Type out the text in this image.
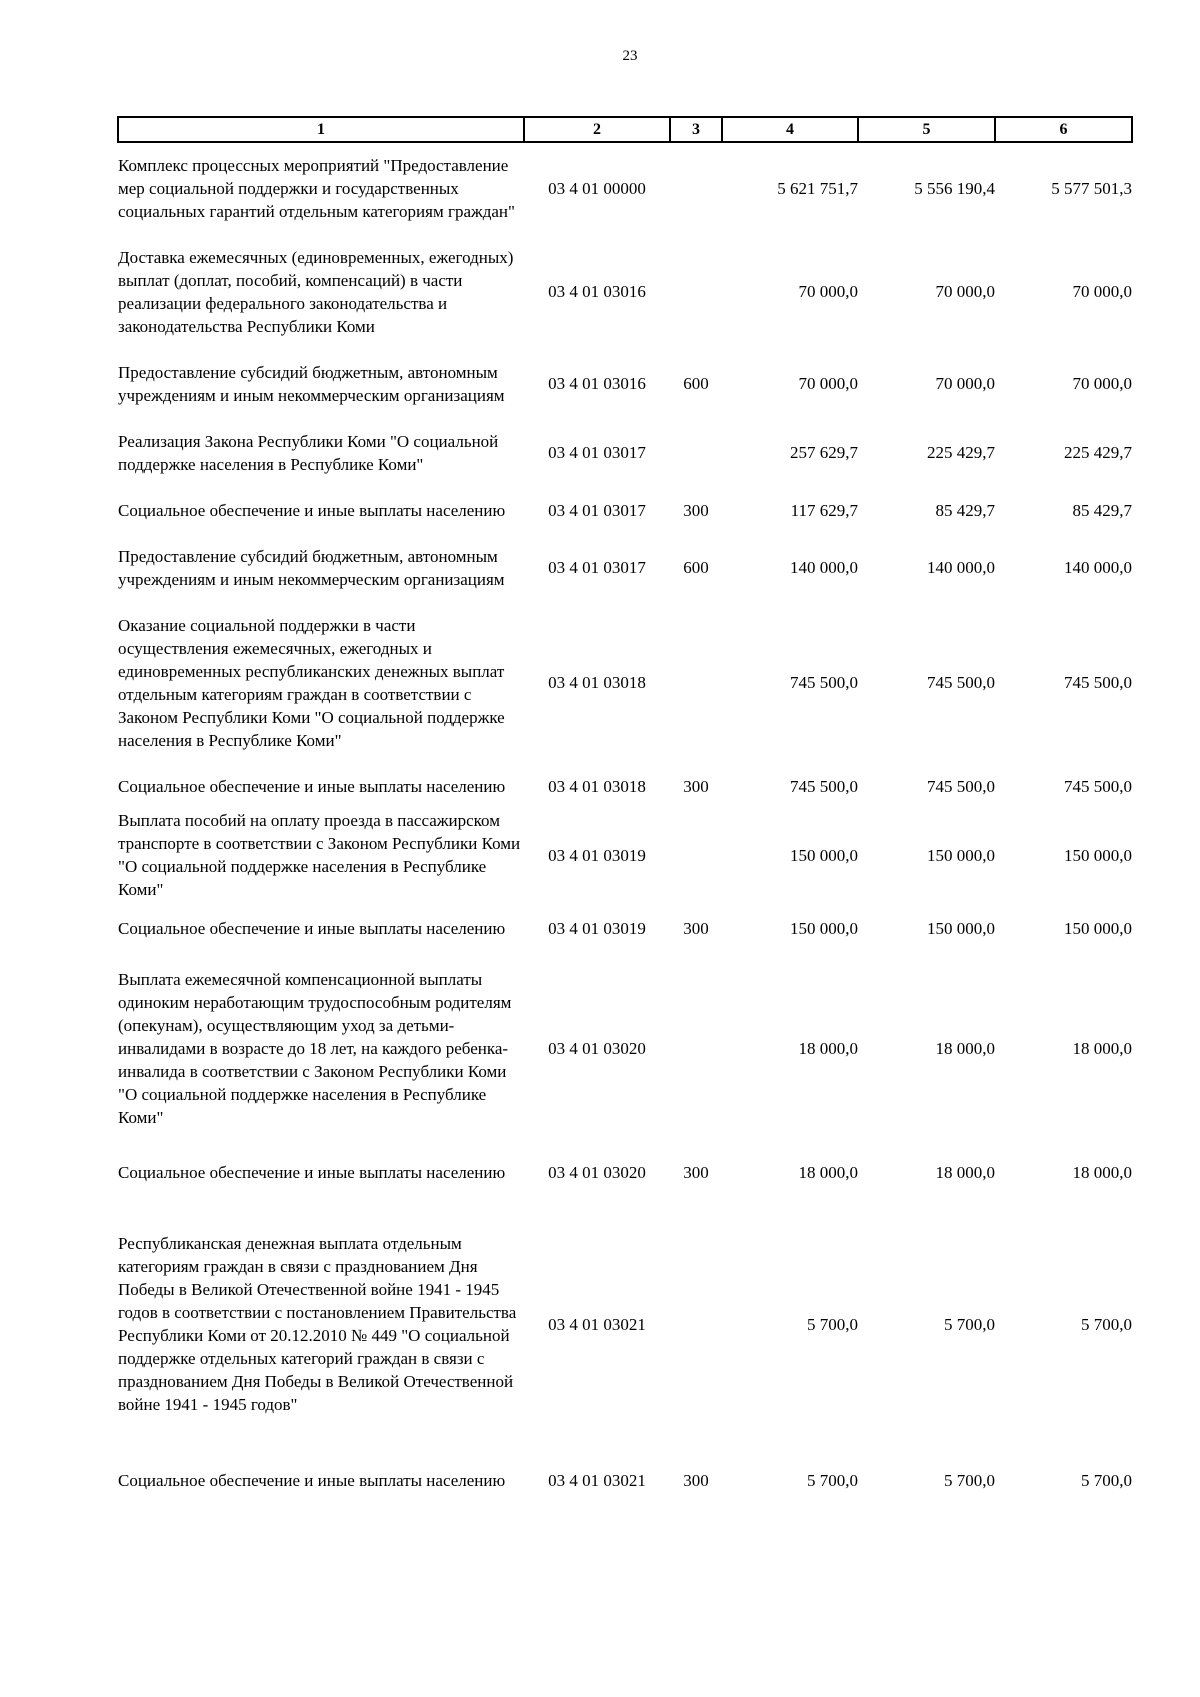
23
1	2	3	4	5	6
Комплекс процессных мероприятий "Предоставление мер социальной поддержки и государственных социальных гарантий отдельным категориям граждан"	03 4 01 00000		5 621 751,7	5 556 190,4	5 577 501,3
Доставка ежемесячных (единовременных, ежегодных) выплат (доплат, пособий, компенсаций) в части реализации федерального законодательства и законодательства Республики Коми	03 4 01 03016		70 000,0	70 000,0	70 000,0
Предоставление субсидий бюджетным, автономным учреждениям и иным некоммерческим организациям	03 4 01 03016	600	70 000,0	70 000,0	70 000,0
Реализация Закона Республики Коми "О социальной поддержке населения в Республике Коми"	03 4 01 03017		257 629,7	225 429,7	225 429,7
Социальное обеспечение и иные выплаты населению	03 4 01 03017	300	117 629,7	85 429,7	85 429,7
Предоставление субсидий бюджетным, автономным учреждениям и иным некоммерческим организациям	03 4 01 03017	600	140 000,0	140 000,0	140 000,0
Оказание социальной поддержки в части осуществления ежемесячных, ежегодных и единовременных республиканских денежных выплат отдельным категориям граждан в соответствии с Законом Республики Коми "О социальной поддержке населения в Республике Коми"	03 4 01 03018		745 500,0	745 500,0	745 500,0
Социальное обеспечение и иные выплаты населению	03 4 01 03018	300	745 500,0	745 500,0	745 500,0
Выплата пособий на оплату проезда в пассажирском транспорте в соответствии с Законом Республики Коми "О социальной поддержке населения в Республике Коми"	03 4 01 03019		150 000,0	150 000,0	150 000,0
Социальное обеспечение и иные выплаты населению	03 4 01 03019	300	150 000,0	150 000,0	150 000,0
Выплата ежемесячной компенсационной выплаты одиноким неработающим трудоспособным родителям (опекунам), осуществляющим уход за детьми-инвалидами в возрасте до 18 лет, на каждого ребенка-инвалида в соответствии с Законом Республики Коми "О социальной поддержке населения в Республике Коми"	03 4 01 03020		18 000,0	18 000,0	18 000,0
Социальное обеспечение и иные выплаты населению	03 4 01 03020	300	18 000,0	18 000,0	18 000,0
Республиканская денежная выплата отдельным категориям граждан в связи с празднованием Дня Победы в Великой Отечественной войне 1941 - 1945 годов в соответствии с постановлением Правительства Республики Коми от 20.12.2010 № 449 "О социальной поддержке отдельных категорий граждан в связи с празднованием Дня Победы в Великой Отечественной войне 1941 - 1945 годов"	03 4 01 03021		5 700,0	5 700,0	5 700,0
Социальное обеспечение и иные выплаты населению	03 4 01 03021	300	5 700,0	5 700,0	5 700,0
